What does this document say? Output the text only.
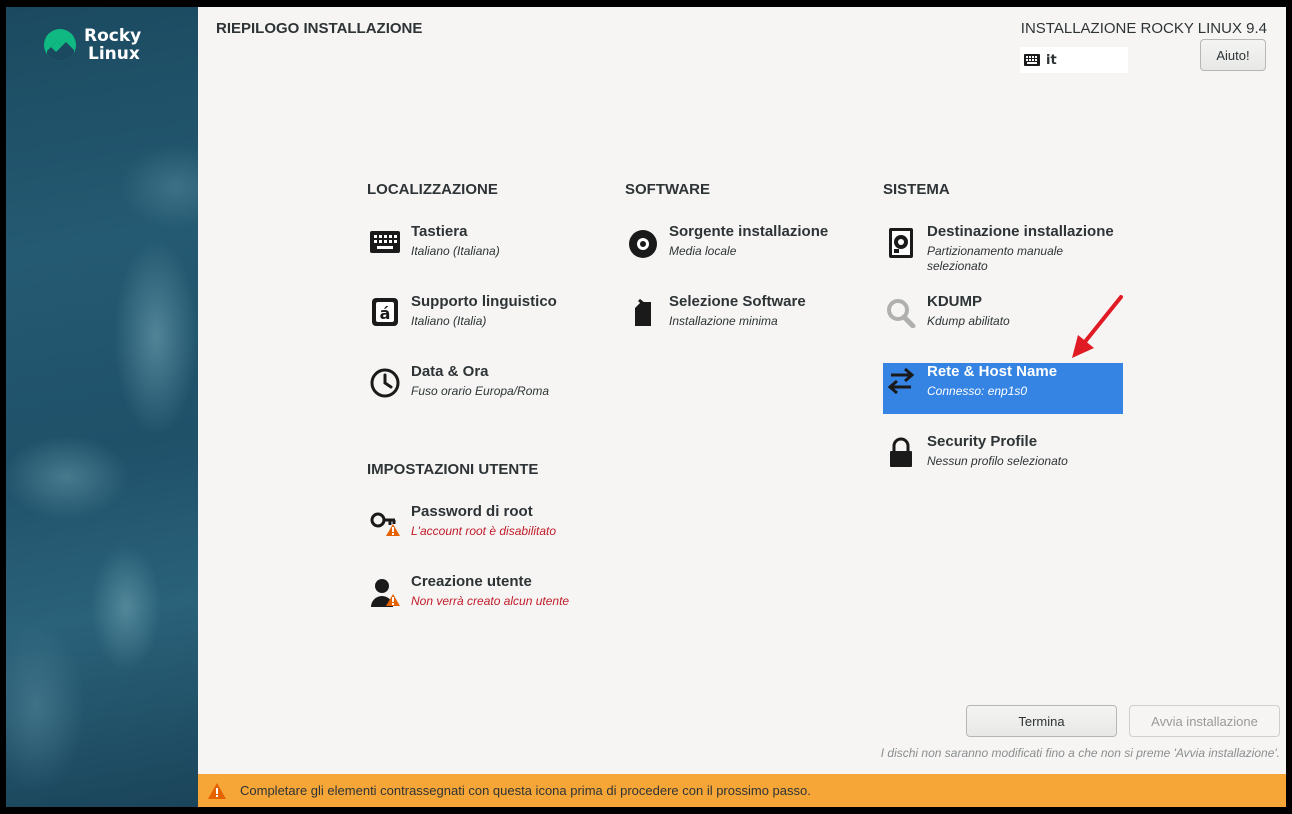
Rocky
Linux
RIEPILOGO INSTALLAZIONE	INSTALLAZIONE ROCKY LINUX 9.4
it	Aiuto!
LOCALIZZAZIONE
Tastiera
Italiano (Italiana)
á
Supporto linguistico
Italiano (Italia)
Data & Ora
Fuso orario Europa/Roma
SOFTWARE
Sorgente installazione
Media locale
Selezione Software
Installazione minima
SISTEMA
Destinazione installazione
Partizionamento manuale selezionato
KDUMP
Kdump abilitato
Rete & Host Name
Connesso: enp1s0
Security Profile
Nessun profilo selezionato
IMPOSTAZIONI UTENTE
Password di root
L'account root è disabilitato
Creazione utente
Non verrà creato alcun utente
Termina	Avvia installazione
I dischi non saranno modificati fino a che non si preme 'Avvia installazione'.
Completare gli elementi contrassegnati con questa icona prima di procedere con il prossimo passo.
